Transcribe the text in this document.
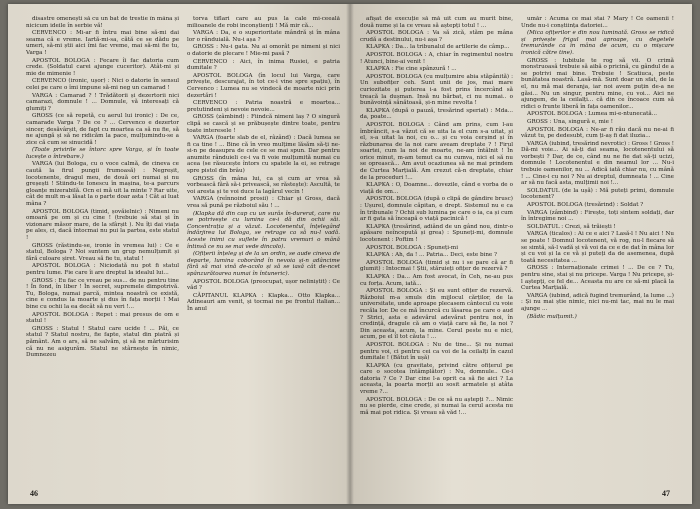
disastre omenești să cu un bat de trestie în mâna și nicicum ideile în serbie vă!

CERVENCO : Mi-ar fi întru mai bine să-mi dai seama că e vreme. Iartă-mi-sa, cătă ce se dădu pe umeri, să-mi știi aici îmi fac vreme, mai să-mi fie tu, Varga !

APOSTOL BOLOGA : Fecare îi fac datoria cum crede. (Soldatul carei ajunge cuceritor). Atât-mi și mie de mimenie !

CERVENCO (ironic, ușor) : Nici o datorie în sensul celei pe care o îmi impune să-mi neg un camarad !

VARGA : Camarad ? ! Trădătorii și dezertorii nici camarazi, domnule ! ... Domnule, vă interesați că glumiți ?

GROSS (ce să repetă, cu aerul lui ironic) : De ce, camarade Varga ? De ce ? ... Cervenco e dezertor sincer, desăvârșit, de fapt cu moartea ca să nu fie, să ne ajungă și să ne ridicăm la pace, mulțumindu-se a zice că cum se sinucidă !

(Toate privirile se întorc spre Varga, și în toate lucește o întrebare.)

VARGA (lui Bologa, cu o voce calmă, de cineva ce caută la firul pungii frumoasă) : Negreșit, locotenente, dragul meu, de două ori numai și nu greșești ! Stiindu-te Ionescu în mașina, te-a parcurs gloanțe mizerabilă. Ocn ei mă uit la minte ? Rar uite, cât de mult m-a lăsat la o parte doar asta ! Cât ai luat mâna ?

APOSTOL BOLOGA (timid, șovăielnic) : Nimeni nu omoară pe om și cu cine ! (trebuie să stai și în vizionare măsor mare, de la sfârșit ). Nu îți dai viața pe ales, ci, dacă întocmai nu pui la partea, este statul !

GROSS (răstindu-se, ironie în vremea lui) : Ce e statul, Bologa ? Noi suntem un grup nemulțumit și fără culoare șiret. Vreau să fie tu, statul !

APOSTOL BOLOGA : Niciodată nu pot fi statul pentru lume. Fie care îi are dreptul la idealul lui...

GROSS : Eu fac ce vreau pe sus... de nu pentru tine ! În fond, în liber ! În secret, supremele dimpotrivă. Tu, Bologa, numai parcă, mintea noastră ce există, cine e condus la moarte și dus în fața morții ! Mai bine cu ochii la ea decât să nu veri !...

APOSTOL BOLOGA : Repet : mai presus de om e statul !

GROSS : Statul ! Statul care ucide ! ... Păi, ce statul ? Statul nostru, fie fapte, statul din piatră și pământ. Am o ars, să ne salvăm, și să ne mărturisim că nu ne asigurăm. Statul ne stârnește în nimic, Dumnezeu

torva tiflari care au pus la cale mi-ceeală milioanele de robi inconștienți ! Mă mir că...

VARGA : Da, e o superioritate mândră și în mâna lor o rânduială. Nu-i așa ?

GROSS : Nu-i gata. Nu ai omorât pe nimeni și nici o datorie de plecare ! Mie-mi pasă ?

CERVENCO : Aici, în inima Rusiei, e patria dumitale ?

APOSTOL BOLOGA (în locul lui Varga, care privește, descurajat, în tot ce-i vine spre spațiu), în Cervenco : Lumea nu se vindecă de moarte nici prin dezertări !

CERVENCO : Patria noastră e moartea... pretutindeni și nevoie nevoie...

GROSS (zâmbind) : Fiindcă nimeni laș ? O singură clipă se cască și se prăbușește dintre toate, pentru toate interesele !

VARGA (foarte slab de el, râzând) : Dacă lumea se fi ca tine ! ... Bine că în vreo mulțime lăsăm să-ți ne-si-n pe deasupra de cele ce se mai spun. Dar pentru anumite rânduieli ce-i va fi voie mulțumită numai cu acea (se răsucește întors cu spatele la ei, se retrage spre pistol din brâu)

GROSS (în mâna lui, ca și cum ar vrea să vorbească fără să-i privească, se răstește): Ascultă, te voi aresta și te voi duce la lagărul vecin !

VARGA (reînnoind prosii) : Chiar și Gross, dacă vrea să pună pe războiul său ! ...

(Klapka dă din cap cu un surâs în-durerat, care nu se potrivește cu lumina ce-i dă din ochii săi. Concentrația și a văzut. Locotenentul, înțelegând îndârjirea lui Bologa, se retrage ca să nu-l vadă. Aceste inimi cu suflete în patru vremuri o mână întinsă ce nu se mai vede dincolo).

(Ofițerii înțeleg și de la un ordin, se aude cineva de departe, lumina coborând în nevoia și-n adâncime fără să mai vină de-acolo și să se iasă cât de-ncet spânzurătoarea numai în întuneric).

APOSTOL BOLOGA (preocupat, ușor neliniștit) : Ce văd ?

CĂPITANUL KLAPKA : Klapka... Otto Klapka... Adineauri am venit, și tocmai ne pe frontul italian... În anul

46

afișat de execuție să mă uit cum au murit bine, două nume și la ce vreau să aștepți totul ! ...

APOSTOL BOLOGA : Va să zică, stăm pe mâna crudă a destinului, nu-i așa ?

KLAPKA : Da... la tribunalul de artilerie de câmp...

APOSTOL BOLOGA : A, chiar în regimentul nostru ! Atunci, bine-ai venit !

KLAPKA : Fie cine spânzură ! ...

APOSTOL BOLOGA (cu mulțumire abia stăpânită) : Un subofițer ceh. Sunt unii de jos, mai mare curiozitate și puterea i-a fost prins încercând să treacă la dușman. Insă nu bărbat, ci nu numai.. o bunăvoință sănătoasă, și-n mine revolta !

KLAPKA (după o pauză, tresărind speriat) : Mda... da, poate...

APOSTOL BOLOGA : Când am prins, cum l-au îmbrâncit, s-a văzut că se uita la el cum s-a uitat, și el, s-a uitat la noi, cu o... și cu voia cerșind și în răzbunarea de la noi care aveam dreptate ? ! Firul soartei, cum la noi de moarte, ne-am întâlnit ! În orice minut, m-am temut ca nu cumva, nici el să nu se oprească... Am avut ocaziunea să ne mai prindem de Curtea Marțială. Am crezut că-n dreptate, chiar de la proceduri !...

KLAPKA : O, Doamne... dovezile, când e vorba de o viață de om...

APOSTOL BOLOGA (după o clipă de gândire brusc) : Ușurel, domnule căpitan, e drept. Sistemul nu e ca în tribunale ? Ochii sub lumina pe care o ia, ca și cum ar fi gata să înceapă o viață pacinică !

KLAPKA (tresărind, adiând de un gând nou, dintr-o apăsare neîncepută și grea) : Spuneți-mi, domnule locotenent : Poftim !

APOSTOL BOLOGA : Spuneți-mi

KLAPKA : Ah, da ! ... Patria... Deci, este bine ?

APOSTOL BOLOGA (timid și nu i se pare că ar fi glumit) : Intocmai ! Știi, stăruieți ofițer de rezervă ?

KLAPKA : Da... Am fost avocat, în Ceh, ne-au pus cu forța. Acum, iată...

APOSTOL BOLOGA : Și eu sunt ofițer de rezervă. Războiul m-a smuls din mijlocul cărților, de la universitate, unde aproape plecasem cântecul cu voie recăla lor. De ce mă încurcă cu lăsarea pe care o aud ? Strici, asta e adevărul adevărat pentru noi, în credință, dragule că am o viață care să fie, la noi ? Din aceasta, acum, la mine. Cerul peste nu e nici, acum, pe el îl tot căuta ! ...

APOSTOL BOLOGA : Nu de tine... Și nu numai pentru voi, ci pentru cei ca voi de la ceilalți în cazul dumitale ! (Bătut în ușă)

KLAPKA (cu gravitate, privind către ofițerul pe care o socotea întâmplător) : Nu, domnule.. Ce-i datoria ? Ce ? Dar cine l-a oprit ca să fie aici ? La aceasta, la poarta morții au sosit armatele și atâta vreme ?...

APOSTOL BOLOGA : De ce să nu aștepți ?... Nimic nu se pierde, cine crede, și numai la cerul acesta nu mă mai pot ridica. Și vreau să văd !...

umăr : Acuma ce mai stai ? Mary ! Ce oamenii ! Unde nu-i conștiința datoriei...

(Mica ofițerilor e din nou luminată. Gross se ridică și privește frigul mai aproape, cu degetele tremurânde ca în mâna de acum, cu o mișcare ironică către tine).

GROSS : Iubitule te rog să vii. O crimă monstruoasă trebuie să aibă o pricină, cu gândul de a se potrivi mai bine. Trebuie ! Scatiuca, peste bunătatea noastră. Lasă-mă. Sunt doar un sfat, de la el, nu mă mai deranja, iar noi avem puțin de-a ne găsi... Nu un singur, pentru mine, cu voi... Aici ne ajungem, de la ceilalți... că din ce încoace cum să ridici o frunte liberă în fața oamenilor...

APOSTOL BOLOGA : Lumea mi-e-ntunecată...

GROSS : Una, singură e, mie !

APOSTOL BOLOGA : Ne-ar fi rău dacă nu ne-ai fi văzut tu, pe dedesubt, cum ți-aș fi dat iluzia...

VARGA (iubind, tresărind nevrotic) : Gross ! Gross ! Dă-mi voie... Ai să-ți dai seama, locotenentului să vorbești ? Dar, de ce, când nu ne fie dat să-ți ucizi, domnule ! Locotenentul e din neamul lor ... Nu-i trebuie oamenilor, nu ... Adică iată chiar nu, cu mână ! ... Cine-i cu noi ? Nu ai dreptul, dumneata ! ... Cine ar să nu facă asta, mulțimii noi !...

SOLDATUL (de la ușă) : Mă puteți primi, domnule locotenent?

APOSTOL BOLOGA (tresărind) : Soldat ?

VARGA (zâmbind) : Firește, toți sintem soldați, dar în întregime noi ...

SOLDATUL : Crezi, să trăiești !

VARGA (ticalos) : Ai ce e aici ? Lasă-l ! Nu aici ! Nu se poate ! Domnul locotenent, vă rog, nu-l fiecare să se simtă, să-l vadă și vă voi da ce e de dat în mâna lor și cu voi și la ce vă și puteți da de asemenea, după toată necesitatea ...

GROSS : Internaționale crimei ! ... De ce ? Tu, pentru sine, stai și nu pricepe. Varga ! Nu pricepe, și-l aștepți, ce fel de... Aceasta nu are ce să-mi placă la Curtea Marțială.

VARGA (iubind, adică fugind tremurând, la lume ...) : Și nu mai știe nimic, nici nu-mi tac, mai nu le mai ajunge ...

(Bădic mulțumit.)

47
